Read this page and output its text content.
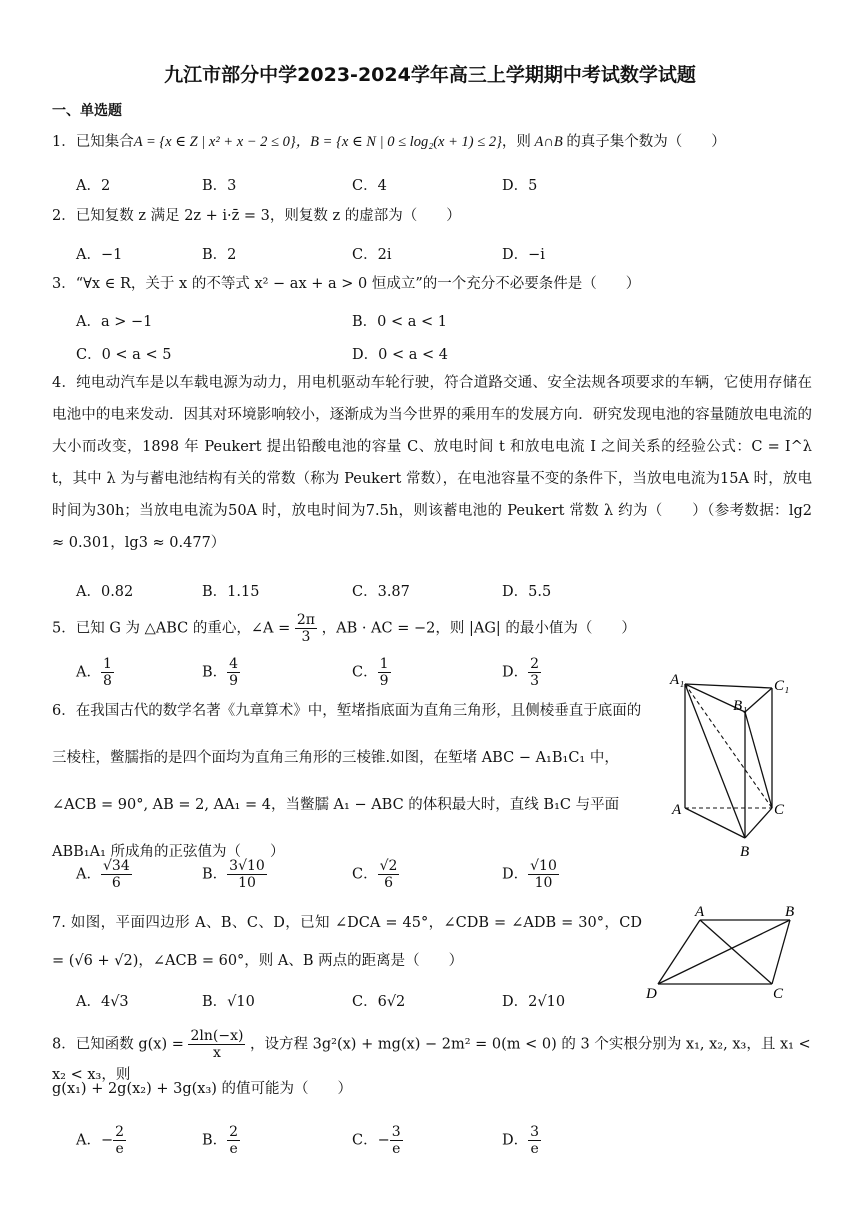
九江市部分中学2023-2024学年高三上学期期中考试数学试题
一、单选题
1．已知集合A = {x ∈ Z | x² + x − 2 ≤ 0}，B = {x ∈ N | 0 ≤ log₂(x + 1) ≤ 2}，则 A∩B 的真子集个数为（　　）
A．2	B．3	C．4	D．5
2．已知复数 z 满足 2z + i·z̄ = 3，则复数 z 的虚部为（　　）
A．−1	B．2	C．2i	D．−i
3．“∀x ∈ R，关于 x 的不等式 x² − ax + a > 0 恒成立”的一个充分不必要条件是（　　）
A．a > −1	B．0 < a < 1
C．0 < a < 5	D．0 < a < 4
4．纯电动汽车是以车载电源为动力，用电机驱动车轮行驶，符合道路交通、安全法规各项要求的车辆，它使用存储在电池中的电来发动．因其对环境影响较小，逐渐成为当今世界的乘用车的发展方向．研究发现电池的容量随放电电流的大小而改变，1898 年 Peukert 提出铅酸电池的容量 C、放电时间 t 和放电电流 I 之间关系的经验公式：C = I^λ t，其中 λ 为与蓄电池结构有关的常数（称为 Peukert 常数），在电池容量不变的条件下，当放电电流为15A 时，放电时间为30h；当放电电流为50A 时，放电时间为7.5h，则该蓄电池的 Peukert 常数 λ 约为（　　）（参考数据：lg2 ≈ 0.301，lg3 ≈ 0.477）
A．0.82	B．1.15	C．3.87	D．5.5
5．已知 G 为 △ABC 的重心，∠A = $\frac{2\pi}{3}$ ，AB · AC = −2，则 |AG| 的最小值为（　　）
A． $\frac{1}{8}$	B． $\frac{4}{9}$	C． $\frac{1}{9}$	D． $\frac{2}{3}$
6．在我国古代的数学名著《九章算术》中，堑堵指底面为直角三角形，且侧棱垂直于底面的三棱柱，鳖臑指的是四个面均为直角三角形的三棱锥.如图，在堑堵 ABC − A₁B₁C₁ 中，∠ACB = 90°, AB = 2, AA₁ = 4，当鳖臑 A₁ − ABC 的体积最大时，直线 B₁C 与平面 ABB₁A₁ 所成角的正弦值为（　　）
A． $\frac{√34}{6}$	B． $\frac{3√10}{10}$	C． $\frac{√2}{6}$	D． $\frac{√10}{10}$
A₁	C₁
B₁
A	C
B
7. 如图，平面四边形 A、B、C、D，已知 ∠DCA = 45°，∠CDB = ∠ADB = 30°，CD = (√6 + √2)，∠ACB = 60°，则 A、B 两点的距离是（　　）
A．4√3	B．√10	C．6√2	D．2√10
A	B
D	C
8．已知函数 $g(x) = \frac{2\ln(-x)}{x}$ ，设方程 3g²(x) + mg(x) − 2m² = 0(m < 0) 的 3 个实根分别为 x₁, x₂, x₃，且 x₁ < x₂ < x₃，则
g(x₁) + 2g(x₂) + 3g(x₃) 的值可能为（　　）
A．− $\frac{2}{e}$	B． $\frac{2}{e}$	C．− $\frac{3}{e}$	D． $\frac{3}{e}$
